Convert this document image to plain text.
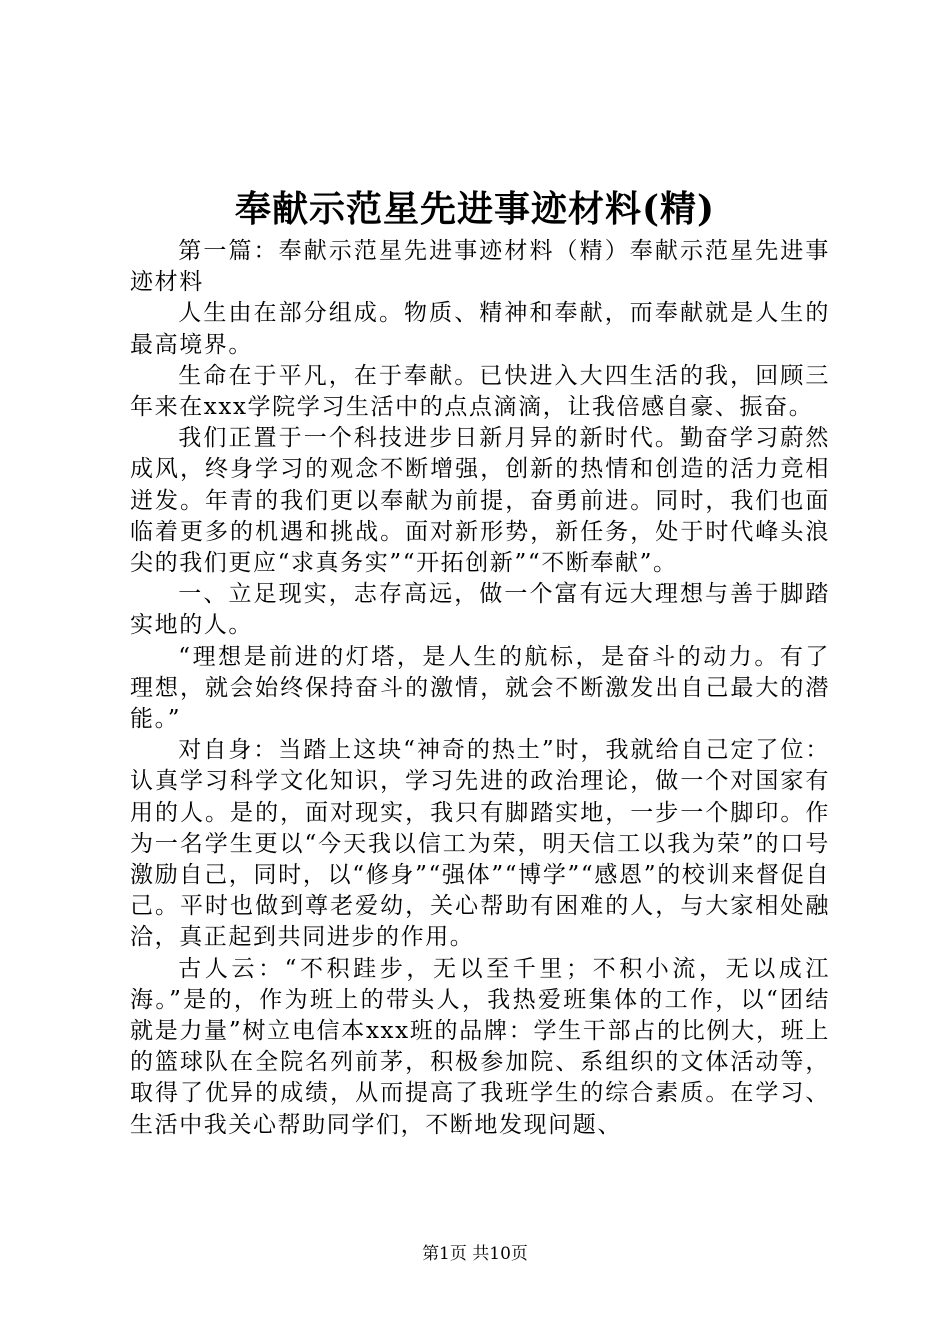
奉献示范星先进事迹材料(精)

第一篇：奉献示范星先进事迹材料（精）奉献示范星先进事迹材料

人生由在部分组成。物质、精神和奉献，而奉献就是人生的最高境界。

生命在于平凡，在于奉献。已快进入大四生活的我，回顾三年来在xxx学院学习生活中的点点滴滴，让我倍感自豪、振奋。

我们正置于一个科技进步日新月异的新时代。勤奋学习蔚然成风，终身学习的观念不断增强，创新的热情和创造的活力竞相迸发。年青的我们更以奉献为前提，奋勇前进。同时，我们也面临着更多的机遇和挑战。面对新形势，新任务，处于时代峰头浪尖的我们更应“求真务实”“开拓创新”“不断奉献”。

一、立足现实，志存高远，做一个富有远大理想与善于脚踏实地的人。

“理想是前进的灯塔，是人生的航标，是奋斗的动力。有了理想，就会始终保持奋斗的激情，就会不断激发出自己最大的潜能。”

对自身：当踏上这块“神奇的热土”时，我就给自己定了位：认真学习科学文化知识，学习先进的政治理论，做一个对国家有用的人。是的，面对现实，我只有脚踏实地，一步一个脚印。作为一名学生更以“今天我以信工为荣，明天信工以我为荣”的口号激励自己，同时，以“修身”“强体”“博学”“感恩”的校训来督促自己。平时也做到尊老爱幼，关心帮助有困难的人，与大家相处融洽，真正起到共同进步的作用。

古人云：“不积跬步，无以至千里；不积小流，无以成江海。”是的，作为班上的带头人，我热爱班集体的工作，以“团结就是力量”树立电信本xxx班的品牌：学生干部占的比例大，班上的篮球队在全院名列前茅，积极参加院、系组织的文体活动等，取得了优异的成绩，从而提高了我班学生的综合素质。在学习、生活中我关心帮助同学们，不断地发现问题、

第1页 共10页
